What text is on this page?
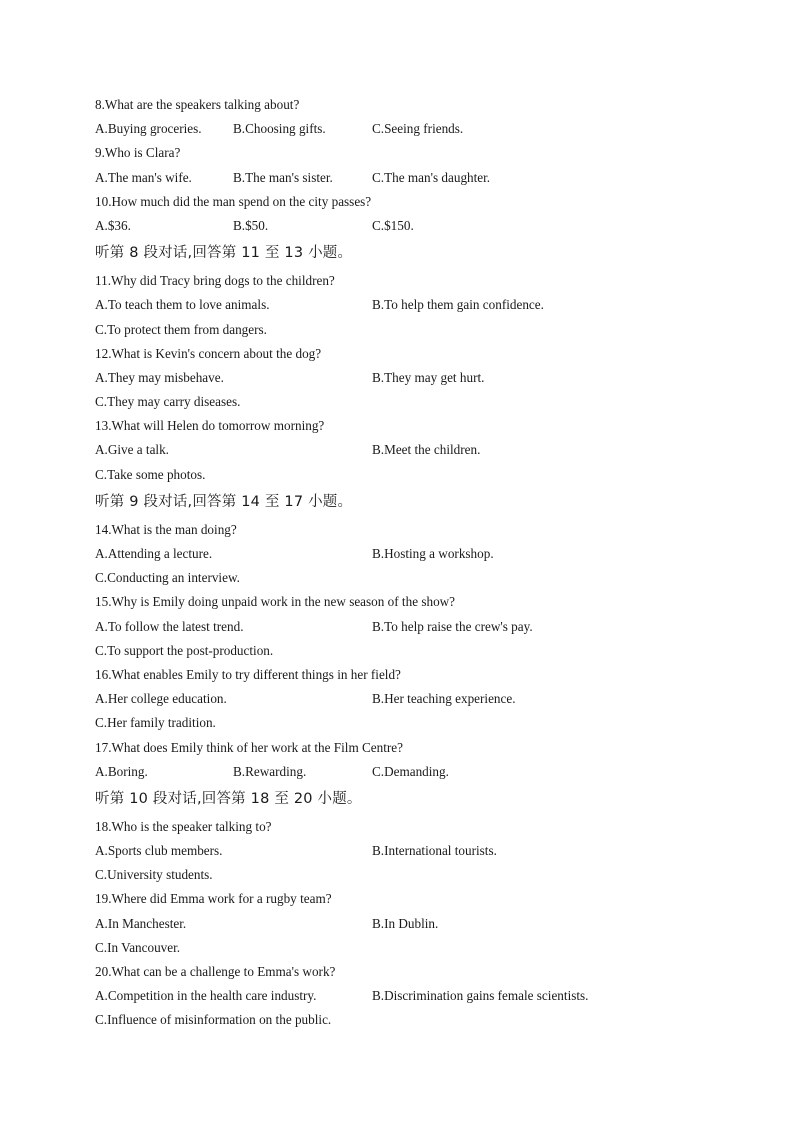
8.What are the speakers talking about?
A.Buying groceries. B.Choosing gifts.	C.Seeing friends.
9.Who is Clara?
A.The man's wife.	B.The man's sister.	C.The man's daughter.
10.How much did the man spend on the city passes?
A.$36.	B.$50.	C.$150.
听第 8 段对话,回答第 11 至 13 小题。
11.Why did Tracy bring dogs to the children?
A.To teach them to love animals.	B.To help them gain confidence.
C.To protect them from dangers.
12.What is Kevin's concern about the dog?
A.They may misbehave.	B.They may get hurt.
C.They may carry diseases.
13.What will Helen do tomorrow morning?
A.Give a talk.	B.Meet the children.
C.Take some photos.
听第 9 段对话,回答第 14 至 17 小题。
14.What is the man doing?
A.Attending a lecture.	B.Hosting a workshop.
C.Conducting an interview.
15.Why is Emily doing unpaid work in the new season of the show?
A.To follow the latest trend.	B.To help raise the crew's pay.
C.To support the post-production.
16.What enables Emily to try different things in her field?
A.Her college education.	B.Her teaching experience.
C.Her family tradition.
17.What does Emily think of her work at the Film Centre?
A.Boring.	B.Rewarding.	C.Demanding.
听第 10 段对话,回答第 18 至 20 小题。
18.Who is the speaker talking to?
A.Sports club members.	B.International tourists.
C.University students.
19.Where did Emma work for a rugby team?
A.In Manchester.	B.In Dublin.
C.In Vancouver.
20.What can be a challenge to Emma's work?
A.Competition in the health care industry.	B.Discrimination gains female scientists.
C.Influence of misinformation on the public.
